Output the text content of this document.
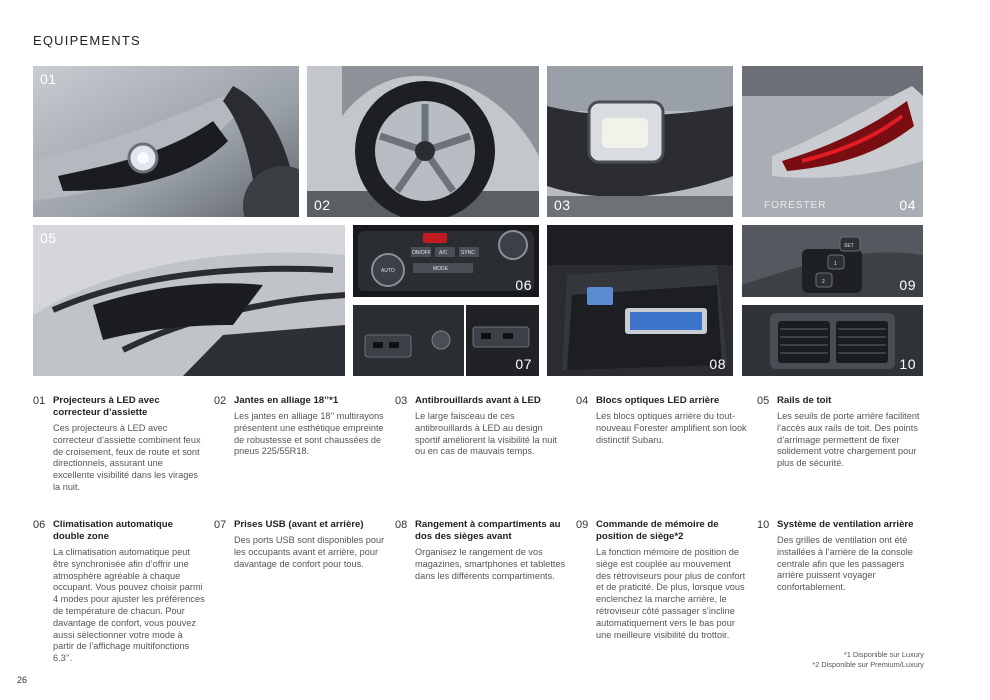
EQUIPEMENTS
01
02	03	FORESTER	04
05
AUTO
ON/OFF A/C	SYNC
MODE
06
07	08
SET
1
2	09
10
01 Projecteurs à LED avec correcteur d’assiette
Ces projecteurs à LED avec correcteur d’assiette combinent feux de croisement, feux de route et sont directionnels, assurant une excellente visibilité dans les virages la nuit.
02 Jantes en alliage 18’’*1
Les jantes en alliage 18’’ multirayons présentent une esthétique empreinte de robustesse et sont chaussées de pneus 225/55R18.
03 Antibrouillards avant à LED
Le large faisceau de ces antibrouillards à LED au design sportif améliorent la visibilité la nuit ou en cas de mauvais temps.
04 Blocs optiques LED arrière
Les blocs optiques arrière du tout-nouveau Forester amplifient son look distinctif Subaru.
05 Rails de toit
Les seuils de porte arrière facilitent l’accès aux rails de toit. Des points d’arrimage permettent de fixer solidement votre chargement pour plus de sécurité.
06 Climatisation automatique double zone
La climatisation automatique peut être synchronisée afin d’offrir une atmosphère agréable à chaque occupant. Vous pouvez choisir parmi 4 modes pour ajuster les préférences de température de chacun. Pour davantage de confort, vous pouvez aussi sélectionner votre mode à partir de l’affichage multifonctions 6.3’’.
07 Prises USB (avant et arrière)
Des ports USB sont disponibles pour les occupants avant et arrière, pour davantage de confort pour tous.
08 Rangement à compartiments au dos des sièges avant
Organisez le rangement de vos magazines, smartphones et tablettes dans les différents compartiments.
09 Commande de mémoire de position de siège*2
La fonction mémoire de position de siège est couplée au mouvement des rétroviseurs pour plus de confort et de praticité. De plus, lorsque vous enclenchez la marche arrière, le rétroviseur côté passager s’incline automatiquement vers le bas pour une meilleure visibilité du trottoir.
10 Système de ventilation arrière
Des grilles de ventilation ont été installées à l’arrière de la console centrale afin que les passagers arrière puissent voyager confortablement.
*1 Disponible sur Luxury
*2 Disponible sur Premium/Luxury
26
